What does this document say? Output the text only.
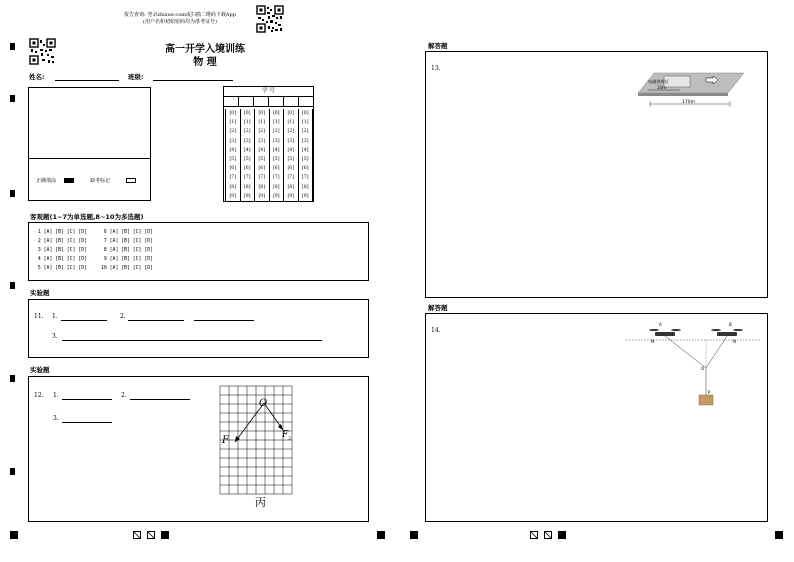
报告查询: 登录zhixue.com或扫描二维码下载App
(用户名和初始密码均为准考证号)
高一开学入境训练
物 理
姓名:	班级:
正确填涂	缺考标记
学 号
[0]	[0]	[0]	[0]	[0]	[0]
[1]	[1]	[1]	[1]	[1]	[1]
[2]	[2]	[2]	[2]	[2]	[2]
[3]	[3]	[3]	[3]	[3]	[3]
[4]	[4]	[4]	[4]	[4]	[4]
[5]	[5]	[5]	[5]	[5]	[5]
[6]	[6]	[6]	[6]	[6]	[6]
[7]	[7]	[7]	[7]	[7]	[7]
[8]	[8]	[8]	[8]	[8]	[8]
[9]	[9]	[9]	[9]	[9]	[9]
客观题(1~7为单选题,8~10为多选题)
1 [A] [B] [C] [D]
2 [A] [B] [C] [D]
3 [A] [B] [C] [D]
4 [A] [B] [C] [D]
5 [A] [B] [C] [D]
6 [A] [B] [C] [D]
7 [A] [B] [C] [D]
8 [A] [B] [C] [D]
9 [A] [B] [C] [D]
10 [A] [B] [C] [D]
实验题
11. 1.	2.
3.
实验题
12. 1.	2.
3.
O
F	F 2
丙
解答题
13.
电磁弹射区
10m
170m
解答题
14.
A	B
M	N
O
P
